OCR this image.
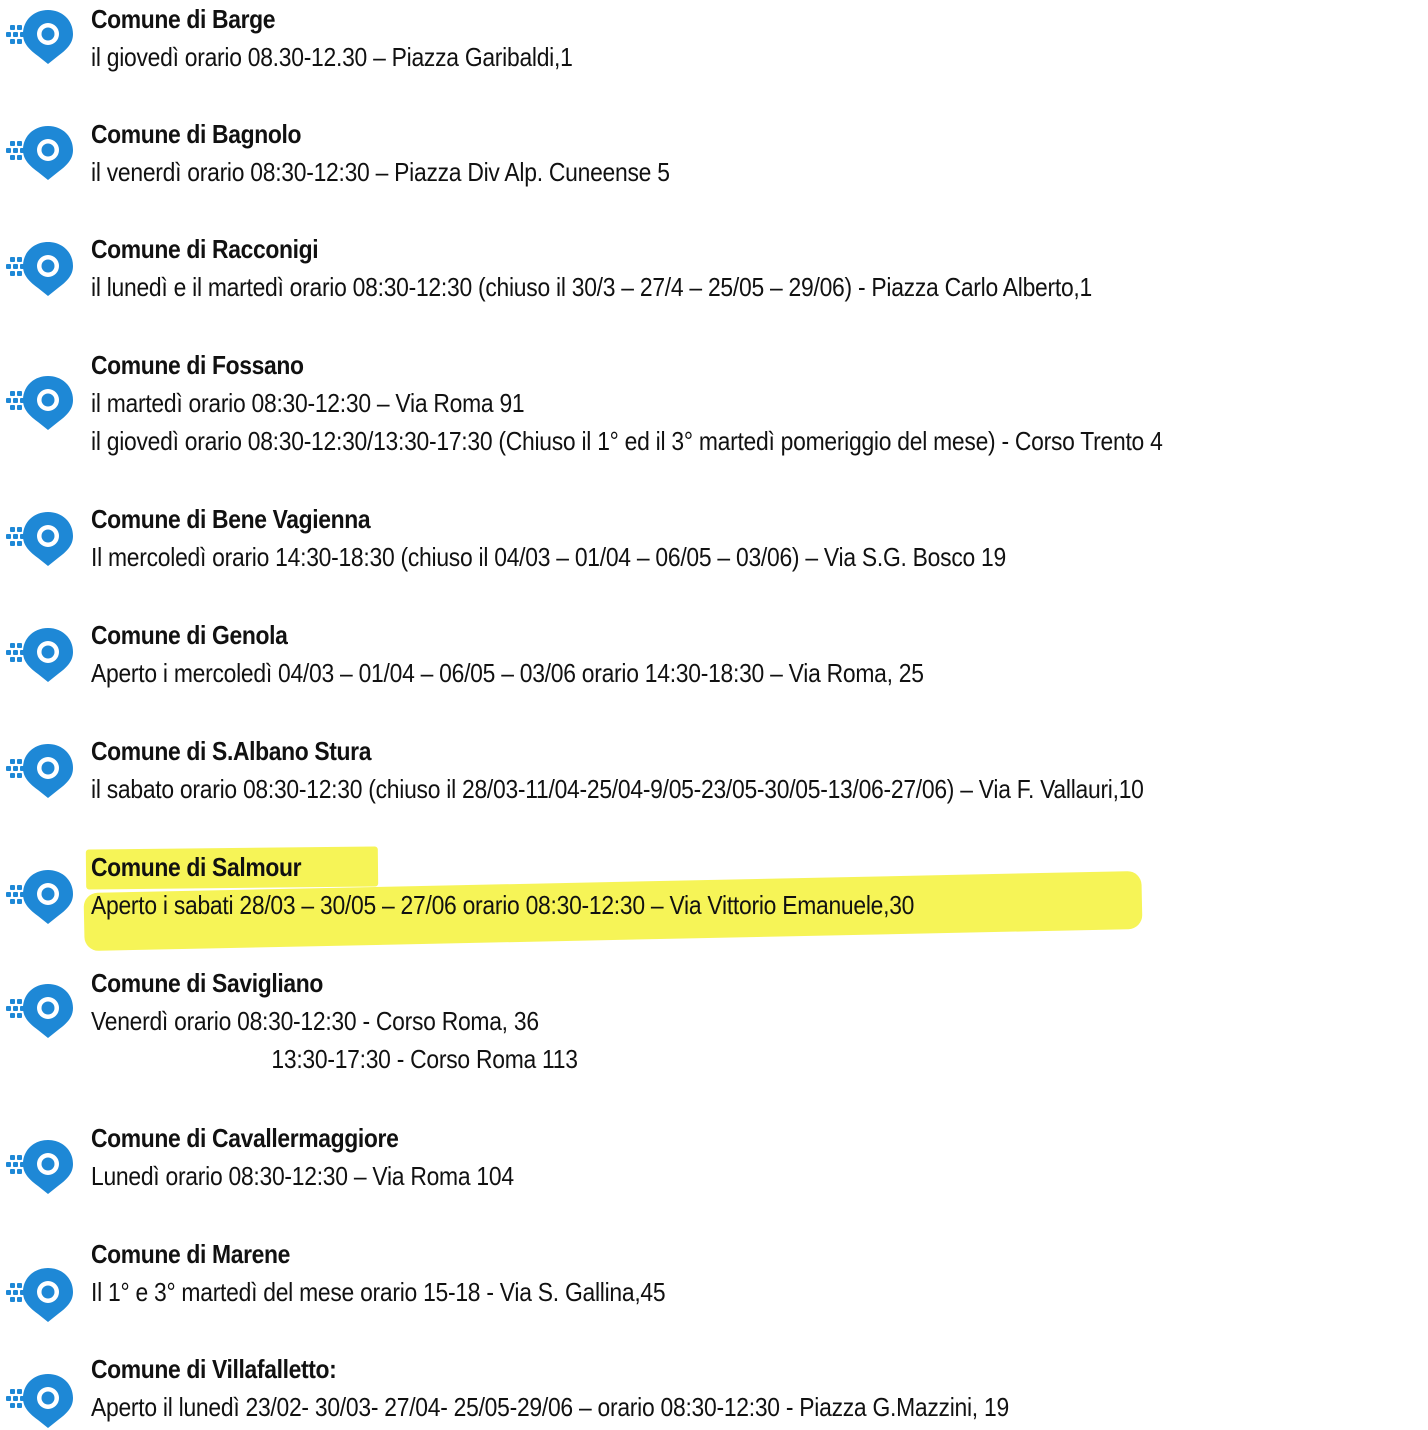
Comune di Barge
il giovedì orario 08.30-12.30 – Piazza Garibaldi,1
Comune di Bagnolo
il venerdì orario 08:30-12:30 – Piazza Div Alp. Cuneense 5
Comune di Racconigi
il lunedì e il martedì orario 08:30-12:30 (chiuso il 30/3 – 27/4 – 25/05 – 29/06) - Piazza Carlo Alberto,1
Comune di Fossano
il martedì orario 08:30-12:30 – Via Roma 91
il giovedì orario 08:30-12:30/13:30-17:30 (Chiuso il 1° ed il 3° martedì pomeriggio del mese) - Corso Trento 4
Comune di Bene Vagienna
Il mercoledì orario 14:30-18:30 (chiuso il 04/03 – 01/04 – 06/05 – 03/06) – Via S.G. Bosco 19
Comune di Genola
Aperto i mercoledì 04/03 – 01/04 – 06/05 – 03/06 orario 14:30-18:30 – Via Roma, 25
Comune di S.Albano Stura
il sabato orario 08:30-12:30 (chiuso il 28/03-11/04-25/04-9/05-23/05-30/05-13/06-27/06) – Via F. Vallauri,10
Comune di Salmour
Aperto i sabati 28/03 – 30/05 – 27/06 orario 08:30-12:30 – Via Vittorio Emanuele,30
Comune di Savigliano
Venerdì orario 08:30-12:30 - Corso Roma, 36
13:30-17:30 - Corso Roma 113
Comune di Cavallermaggiore
Lunedì orario 08:30-12:30 – Via Roma 104
Comune di Marene
Il 1° e 3° martedì del mese orario 15-18 - Via S. Gallina,45
Comune di Villafalletto:
Aperto il lunedì 23/02- 30/03- 27/04- 25/05-29/06 – orario 08:30-12:30 - Piazza G.Mazzini, 19
